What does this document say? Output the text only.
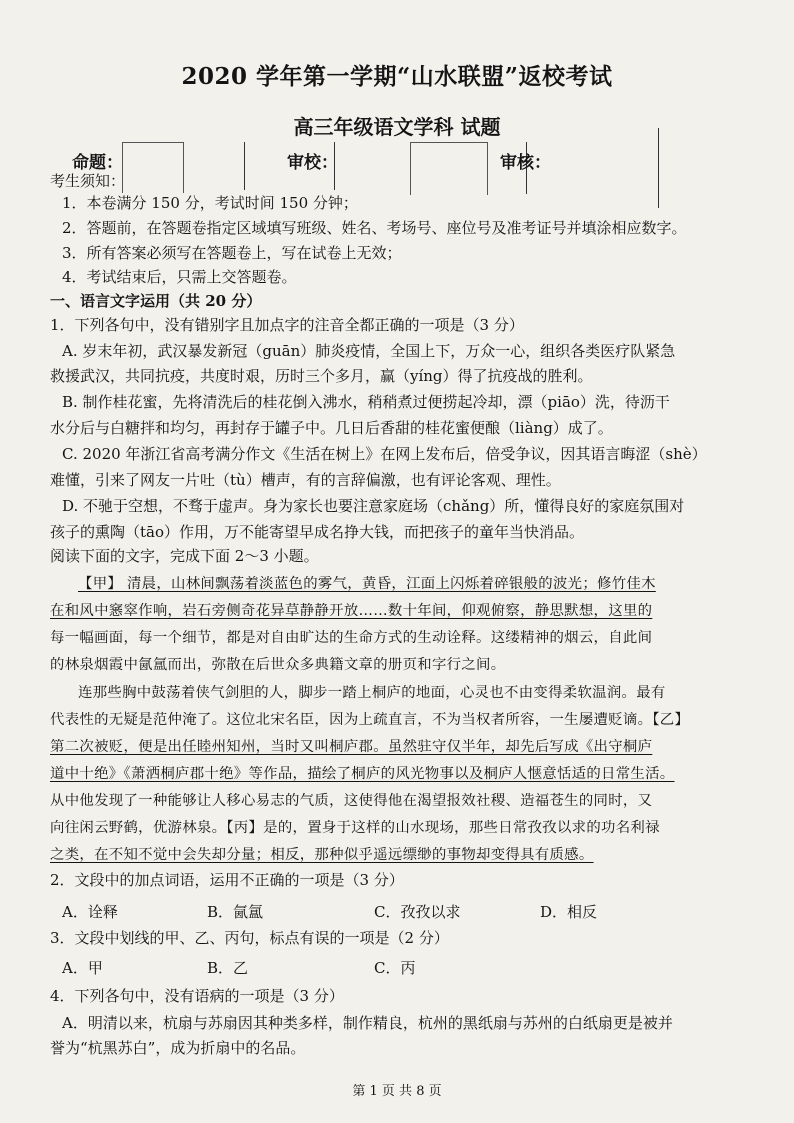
2020 学年第一学期“山水联盟”返校考试
高三年级语文学科 试题
命题：	审校：	审核：
考生须知：
1．本卷满分 150 分，考试时间 150 分钟；
2．答题前，在答题卷指定区域填写班级、姓名、考场号、座位号及准考证号并填涂相应数字。
3．所有答案必须写在答题卷上，写在试卷上无效；
4．考试结束后，只需上交答题卷。
一、语言文字运用（共 20 分）
1．下列各句中，没有错别字且加点字的注音全都正确的一项是（3 分）
A. 岁末年初，武汉暴发新冠（guān）肺炎疫情，全国上下，万众一心，组织各类医疗队紧急
救援武汉，共同抗疫，共度时艰，历时三个多月，赢（yíng）得了抗疫战的胜利。
B. 制作桂花蜜，先将清洗后的桂花倒入沸水，稍稍煮过便捞起冷却，漂（piāo）洗，待沥干
水分后与白糖拌和均匀，再封存于罐子中。几日后香甜的桂花蜜便酿（liàng）成了。
C. 2020 年浙江省高考满分作文《生活在树上》在网上发布后，倍受争议，因其语言晦涩（shè）
难懂，引来了网友一片吐（tù）槽声，有的言辞偏激，也有评论客观、理性。
D. 不驰于空想，不骛于虚声。身为家长也要注意家庭场（chǎng）所，懂得良好的家庭氛围对
孩子的熏陶（tāo）作用，万不能寄望早成名挣大钱，而把孩子的童年当快消品。
阅读下面的文字，完成下面 2～3 小题。
【甲】 清晨，山林间飘荡着淡蓝色的雾气，黄昏，江面上闪烁着碎银般的波光；修竹佳木
在和风中窸窣作响，岩石旁侧奇花异草静静开放……数十年间，仰观俯察，静思默想，这里的
每一幅画面，每一个细节，都是对自由旷达的生命方式的生动诠释。这缕精神的烟云，自此间
的林泉烟霞中氤氲而出，弥散在后世众多典籍文章的册页和字行之间。
连那些胸中鼓荡着侠气剑胆的人，脚步一踏上桐庐的地面，心灵也不由变得柔软温润。最有
代表性的无疑是范仲淹了。这位北宋名臣，因为上疏直言，不为当权者所容，一生屡遭贬谪。【乙】
第二次被贬，便是出任睦州知州，当时又叫桐庐郡。虽然驻守仅半年，却先后写成《出守桐庐
道中十绝》《萧洒桐庐郡十绝》等作品，描绘了桐庐的风光物事以及桐庐人惬意恬适的日常生活。
从中他发现了一种能够让人移心易志的气质，这使得他在渴望报效社稷、造福苍生的同时，又
向往闲云野鹤，优游林泉。【丙】是的，置身于这样的山水现场，那些日常孜孜以求的功名利禄
之类，在不知不觉中会失却分量；相反，那种似乎遥远缥缈的事物却变得具有质感。
2．文段中的加点词语，运用不正确的一项是（3 分）
A．诠释	B．氤氲	C．孜孜以求	D．相反
3．文段中划线的甲、乙、丙句，标点有误的一项是（2 分）
A．甲	B．乙	C．丙
4．下列各句中，没有语病的一项是（3 分）
A．明清以来，杭扇与苏扇因其种类多样，制作精良，杭州的黑纸扇与苏州的白纸扇更是被并
誉为“杭黑苏白”，成为折扇中的名品。
第 1 页 共 8 页
